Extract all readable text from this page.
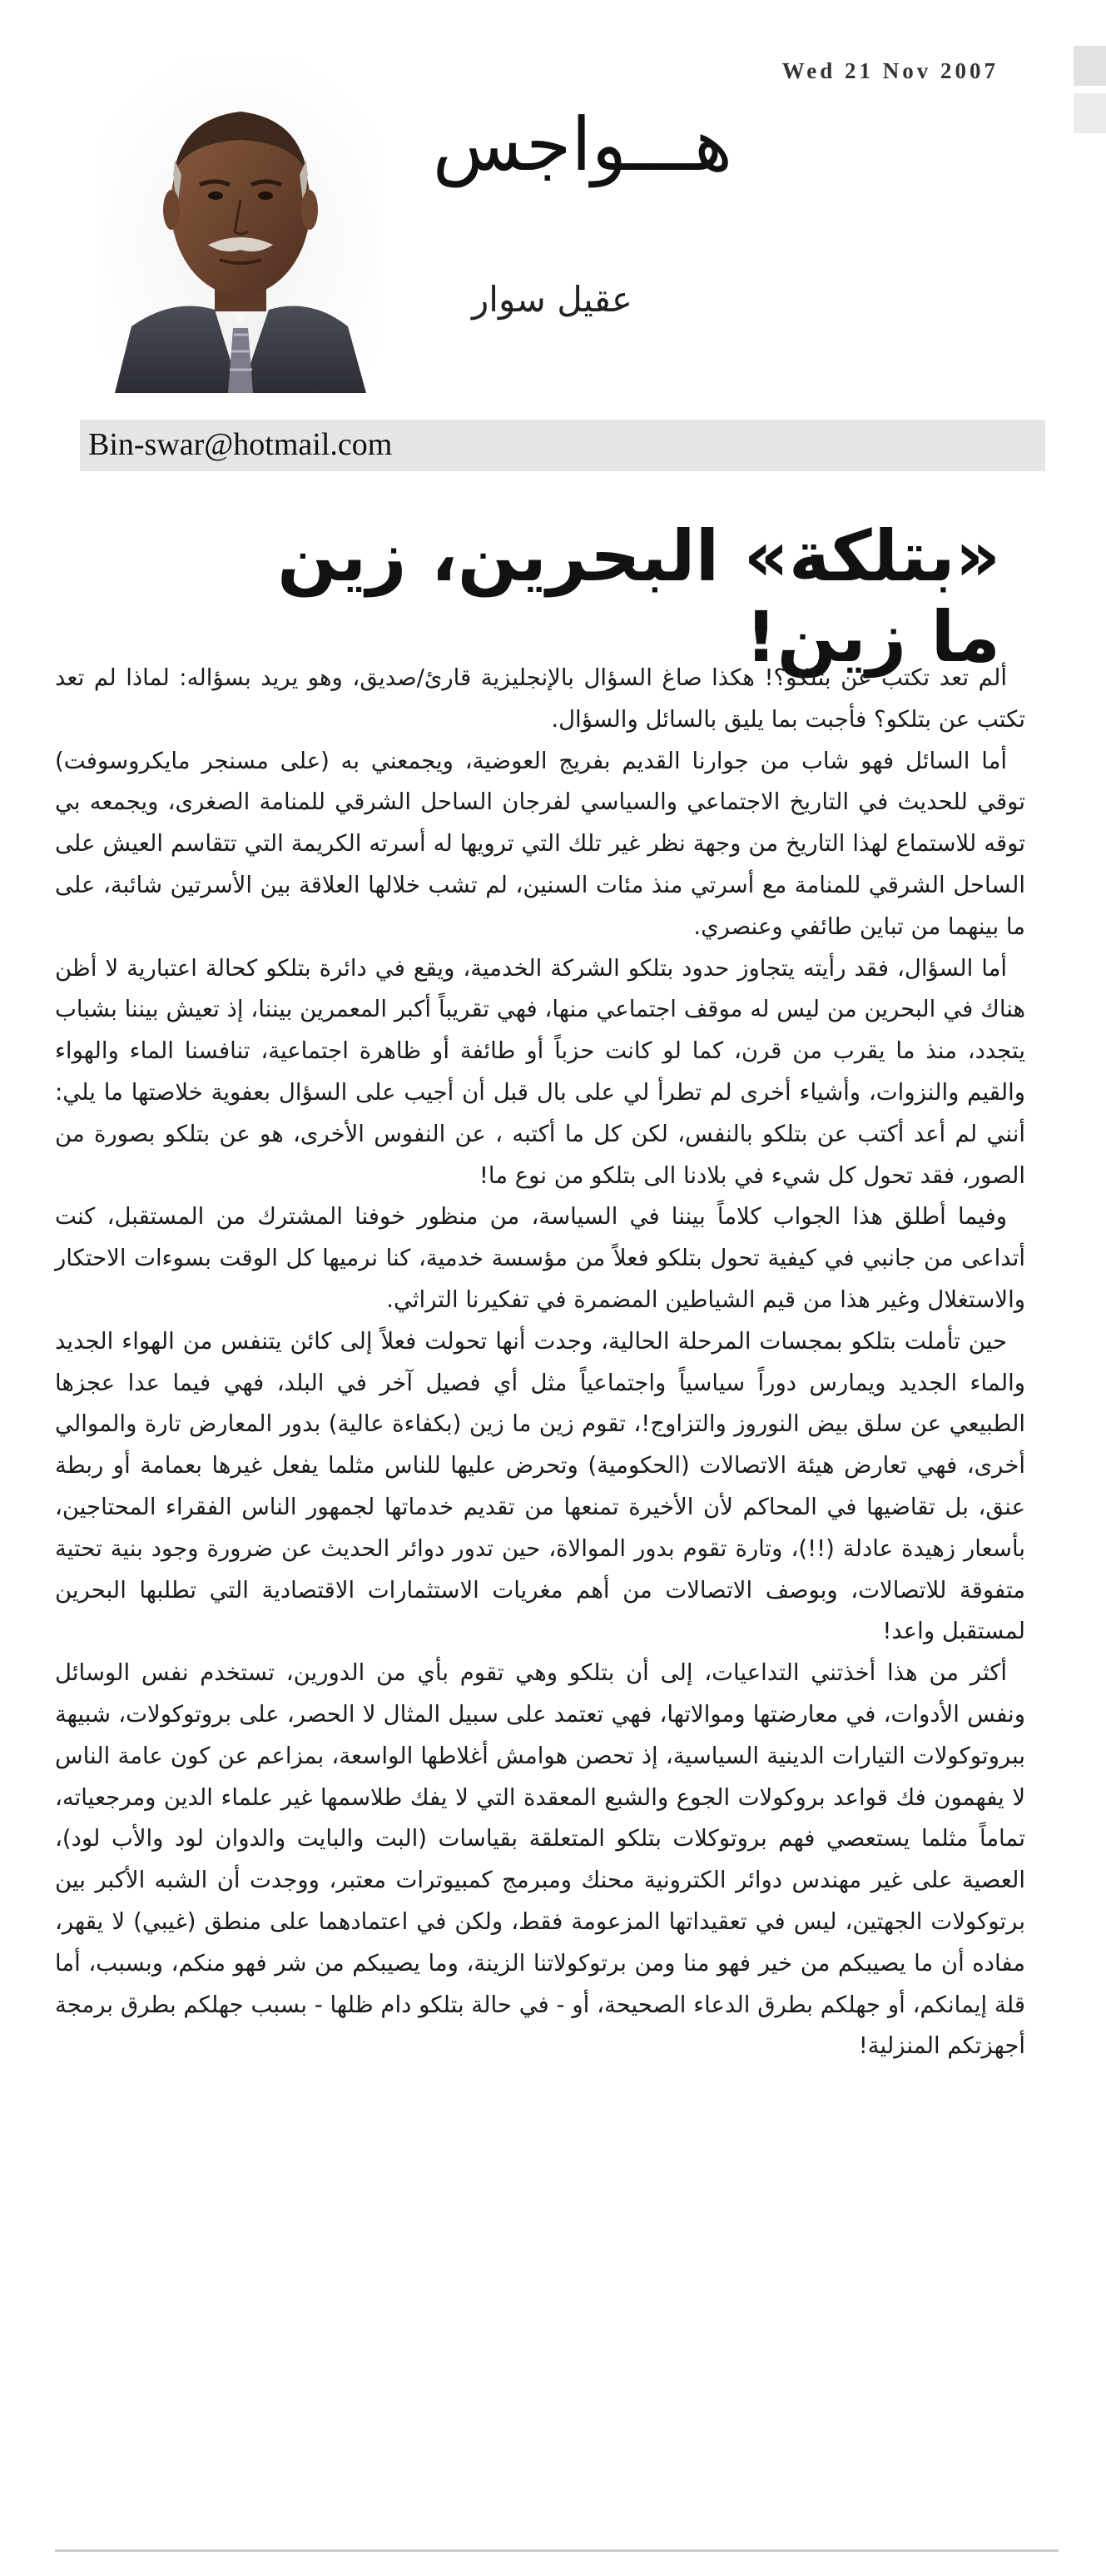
Wed 21 Nov 2007
هـــواجس
عقيل سوار
Bin-swar@hotmail.com
«بتلكة» البحرين، زين ما زين!

ألم تعد تكتب عن بتلكو؟! هكذا صاغ السؤال بالإنجليزية قارئ/صديق، وهو يريد بسؤاله: لماذا لم تعد تكتب عن بتلكو؟ فأجبت بما يليق بالسائل والسؤال.

أما السائل فهو شاب من جوارنا القديم بفريج العوضية، ويجمعني به (على مسنجر مايكروسوفت) توقي للحديث في التاريخ الاجتماعي والسياسي لفرجان الساحل الشرقي للمنامة الصغرى، ويجمعه بي توقه للاستماع لهذا التاريخ من وجهة نظر غير تلك التي ترويها له أسرته الكريمة التي تتقاسم العيش على الساحل الشرقي للمنامة مع أسرتي منذ مئات السنين، لم تشب خلالها العلاقة بين الأسرتين شائبة، على ما بينهما من تباين طائفي وعنصري.

أما السؤال، فقد رأيته يتجاوز حدود بتلكو الشركة الخدمية، ويقع في دائرة بتلكو كحالة اعتبارية لا أظن هناك في البحرين من ليس له موقف اجتماعي منها، فهي تقريباً أكبر المعمرين بيننا، إذ تعيش بيننا بشباب يتجدد، منذ ما يقرب من قرن، كما لو كانت حزباً أو طائفة أو ظاهرة اجتماعية، تنافسنا الماء والهواء والقيم والنزوات، وأشياء أخرى لم تطرأ لي على بال قبل أن أجيب على السؤال بعفوية خلاصتها ما يلي: أنني لم أعد أكتب عن بتلكو بالنفس، لكن كل ما أكتبه ، عن النفوس الأخرى، هو عن بتلكو بصورة من الصور، فقد تحول كل شيء في بلادنا الى بتلكو من نوع ما!

وفيما أطلق هذا الجواب كلاماً بيننا في السياسة، من منظور خوفنا المشترك من المستقبل، كنت أتداعى من جانبي في كيفية تحول بتلكو فعلاً من مؤسسة خدمية، كنا نرميها كل الوقت بسوءات الاحتكار والاستغلال وغير هذا من قيم الشياطين المضمرة في تفكيرنا التراثي.

حين تأملت بتلكو بمجسات المرحلة الحالية، وجدت أنها تحولت فعلاً إلى كائن يتنفس من الهواء الجديد والماء الجديد ويمارس دوراً سياسياً واجتماعياً مثل أي فصيل آخر في البلد، فهي فيما عدا عجزها الطبيعي عن سلق بيض النوروز والتزاوج!، تقوم زين ما زين (بكفاءة عالية) بدور المعارض تارة والموالي أخرى، فهي تعارض هيئة الاتصالات (الحكومية) وتحرض عليها للناس مثلما يفعل غيرها بعمامة أو ربطة عنق، بل تقاضيها في المحاكم لأن الأخيرة تمنعها من تقديم خدماتها لجمهور الناس الفقراء المحتاجين، بأسعار زهيدة عادلة (!!)، وتارة تقوم بدور الموالاة، حين تدور دوائر الحديث عن ضرورة وجود بنية تحتية متفوقة للاتصالات، وبوصف الاتصالات من أهم مغريات الاستثمارات الاقتصادية التي تطلبها البحرين لمستقبل واعد!

أكثر من هذا أخذتني التداعيات، إلى أن بتلكو وهي تقوم بأي من الدورين، تستخدم نفس الوسائل ونفس الأدوات، في معارضتها وموالاتها، فهي تعتمد على سبيل المثال لا الحصر، على بروتوكولات، شبيهة ببروتوكولات التيارات الدينية السياسية، إذ تحصن هوامش أغلاطها الواسعة، بمزاعم عن كون عامة الناس لا يفهمون فك قواعد بروكولات الجوع والشبع المعقدة التي لا يفك طلاسمها غير علماء الدين ومرجعياته، تماماً مثلما يستعصي فهم بروتوكلات بتلكو المتعلقة بقياسات (البت والبايت والدوان لود والأب لود)، العصية على غير مهندس دوائر الكترونية محنك ومبرمج كمبيوترات معتبر، ووجدت أن الشبه الأكبر بين برتوكولات الجهتين، ليس في تعقيداتها المزعومة فقط، ولكن في اعتمادهما على منطق (غيبي) لا يقهر، مفاده أن ما يصيبكم من خير فهو منا ومن برتوكولاتنا الزينة، وما يصيبكم من شر فهو منكم، وبسبب، أما قلة إيمانكم، أو جهلكم بطرق الدعاء الصحيحة، أو - في حالة بتلكو دام ظلها - بسبب جهلكم بطرق برمجة أجهزتكم المنزلية!
